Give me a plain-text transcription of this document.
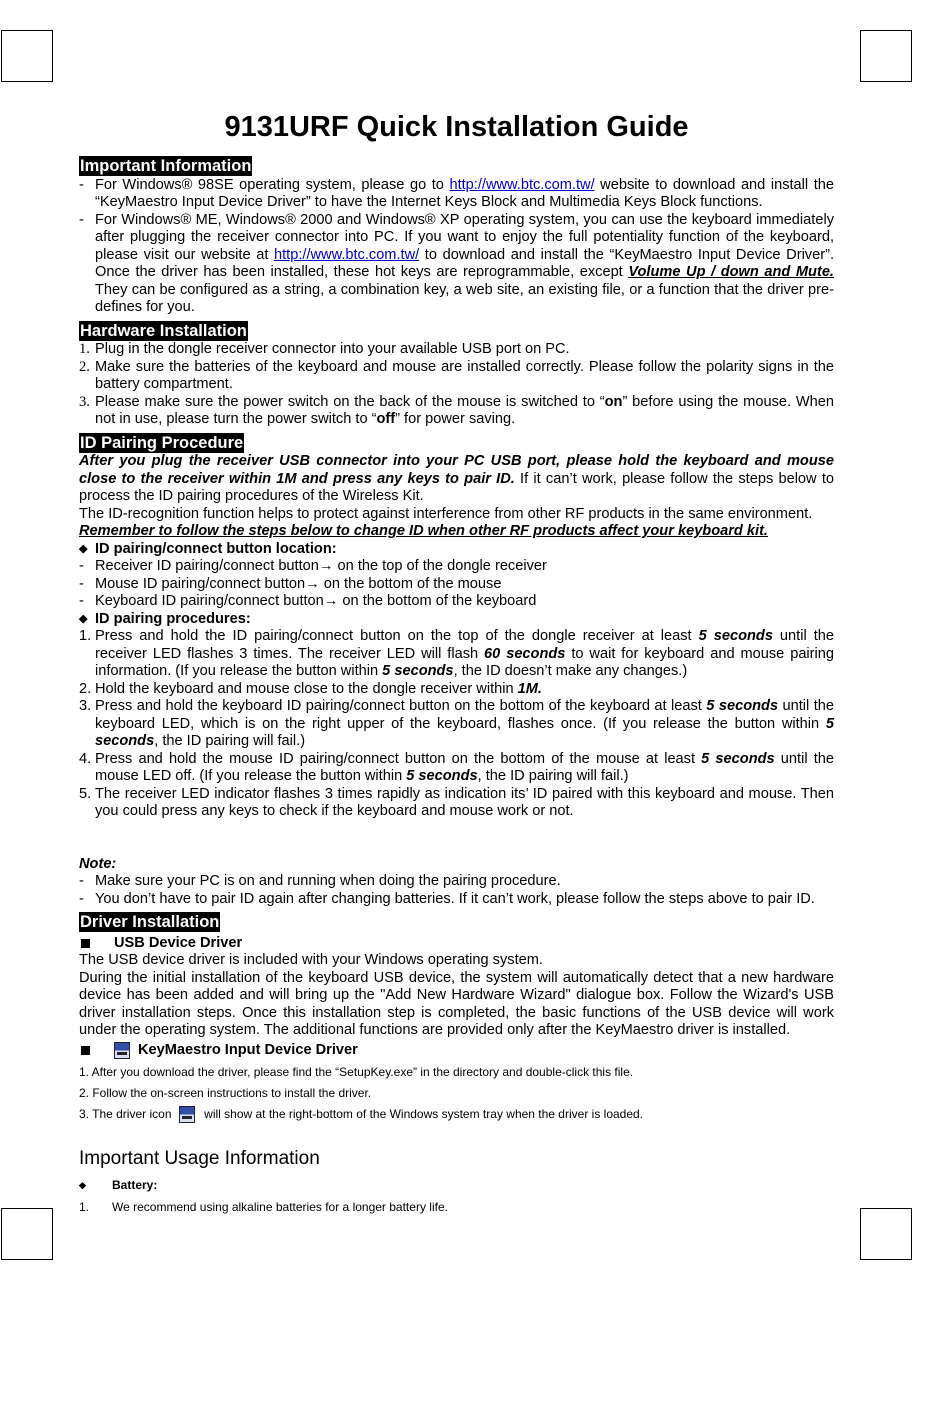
9131URF Quick Installation Guide
Important Information
- For Windows® 98SE operating system, please go to http://www.btc.com.tw/ website to download and install the “KeyMaestro Input Device Driver” to have the Internet Keys Block and Multimedia Keys Block functions.
- For Windows® ME, Windows® 2000 and Windows® XP operating system, you can use the keyboard immediately after plugging the receiver connector into PC. If you want to enjoy the full potentiality function of the keyboard, please visit our website at http://www.btc.com.tw/ to download and install the “KeyMaestro Input Device Driver”. Once the driver has been installed, these hot keys are reprogrammable, except Volume Up / down and Mute. They can be configured as a string, a combination key, a web site, an existing file, or a function that the driver pre-defines for you.
Hardware Installation
1. Plug in the dongle receiver connector into your available USB port on PC.
2. Make sure the batteries of the keyboard and mouse are installed correctly. Please follow the polarity signs in the battery compartment.
3. Please make sure the power switch on the back of the mouse is switched to “on” before using the mouse. When not in use, please turn the power switch to “off” for power saving.
ID Pairing Procedure

After you plug the receiver USB connector into your PC USB port, please hold the keyboard and mouse close to the receiver within 1M and press any keys to pair ID. If it can’t work, please follow the steps below to process the ID pairing procedures of the Wireless Kit.

The ID-recognition function helps to protect against interference from other RF products in the same environment.

Remember to follow the steps below to change ID when other RF products affect your keyboard kit.

◆ ID pairing/connect button location:
- Receiver ID pairing/connect button→ on the top of the dongle receiver
- Mouse ID pairing/connect button→ on the bottom of the mouse
- Keyboard ID pairing/connect button→ on the bottom of the keyboard
◆ ID pairing procedures:
1. Press and hold the ID pairing/connect button on the top of the dongle receiver at least 5 seconds until the receiver LED flashes 3 times. The receiver LED will flash 60 seconds to wait for keyboard and mouse pairing information. (If you release the button within 5 seconds, the ID doesn’t make any changes.)
2. Hold the keyboard and mouse close to the dongle receiver within 1M.
3. Press and hold the keyboard ID pairing/connect button on the bottom of the keyboard at least 5 seconds until the keyboard LED, which is on the right upper of the keyboard, flashes once. (If you release the button within 5 seconds, the ID pairing will fail.)
4. Press and hold the mouse ID pairing/connect button on the bottom of the mouse at least 5 seconds until the mouse LED off. (If you release the button within 5 seconds, the ID pairing will fail.)
5. The receiver LED indicator flashes 3 times rapidly as indication its’ ID paired with this keyboard and mouse. Then you could press any keys to check if the keyboard and mouse work or not.

Note:

- Make sure your PC is on and running when doing the pairing procedure.
- You don’t have to pair ID again after changing batteries. If it can’t work, please follow the steps above to pair ID.
Driver Installation
USB Device Driver

The USB device driver is included with your Windows operating system.

During the initial installation of the keyboard USB device, the system will automatically detect that a new hardware device has been added and will bring up the "Add New Hardware Wizard" dialogue box. Follow the Wizard's USB driver installation steps. Once this installation step is completed, the basic functions of the USB device will work under the operating system. The additional functions are provided only after the KeyMaestro driver is installed.

KeyMaestro Input Device Driver

1. After you download the driver, please find the “SetupKey.exe” in the directory and double-click this file.

2. Follow the on-screen instructions to install the driver.

3. The driver icon  will show at the right-bottom of the Windows system tray when the driver is loaded.

Important Usage Information
◆	Battery:
1.	We recommend using alkaline batteries for a longer battery life.
